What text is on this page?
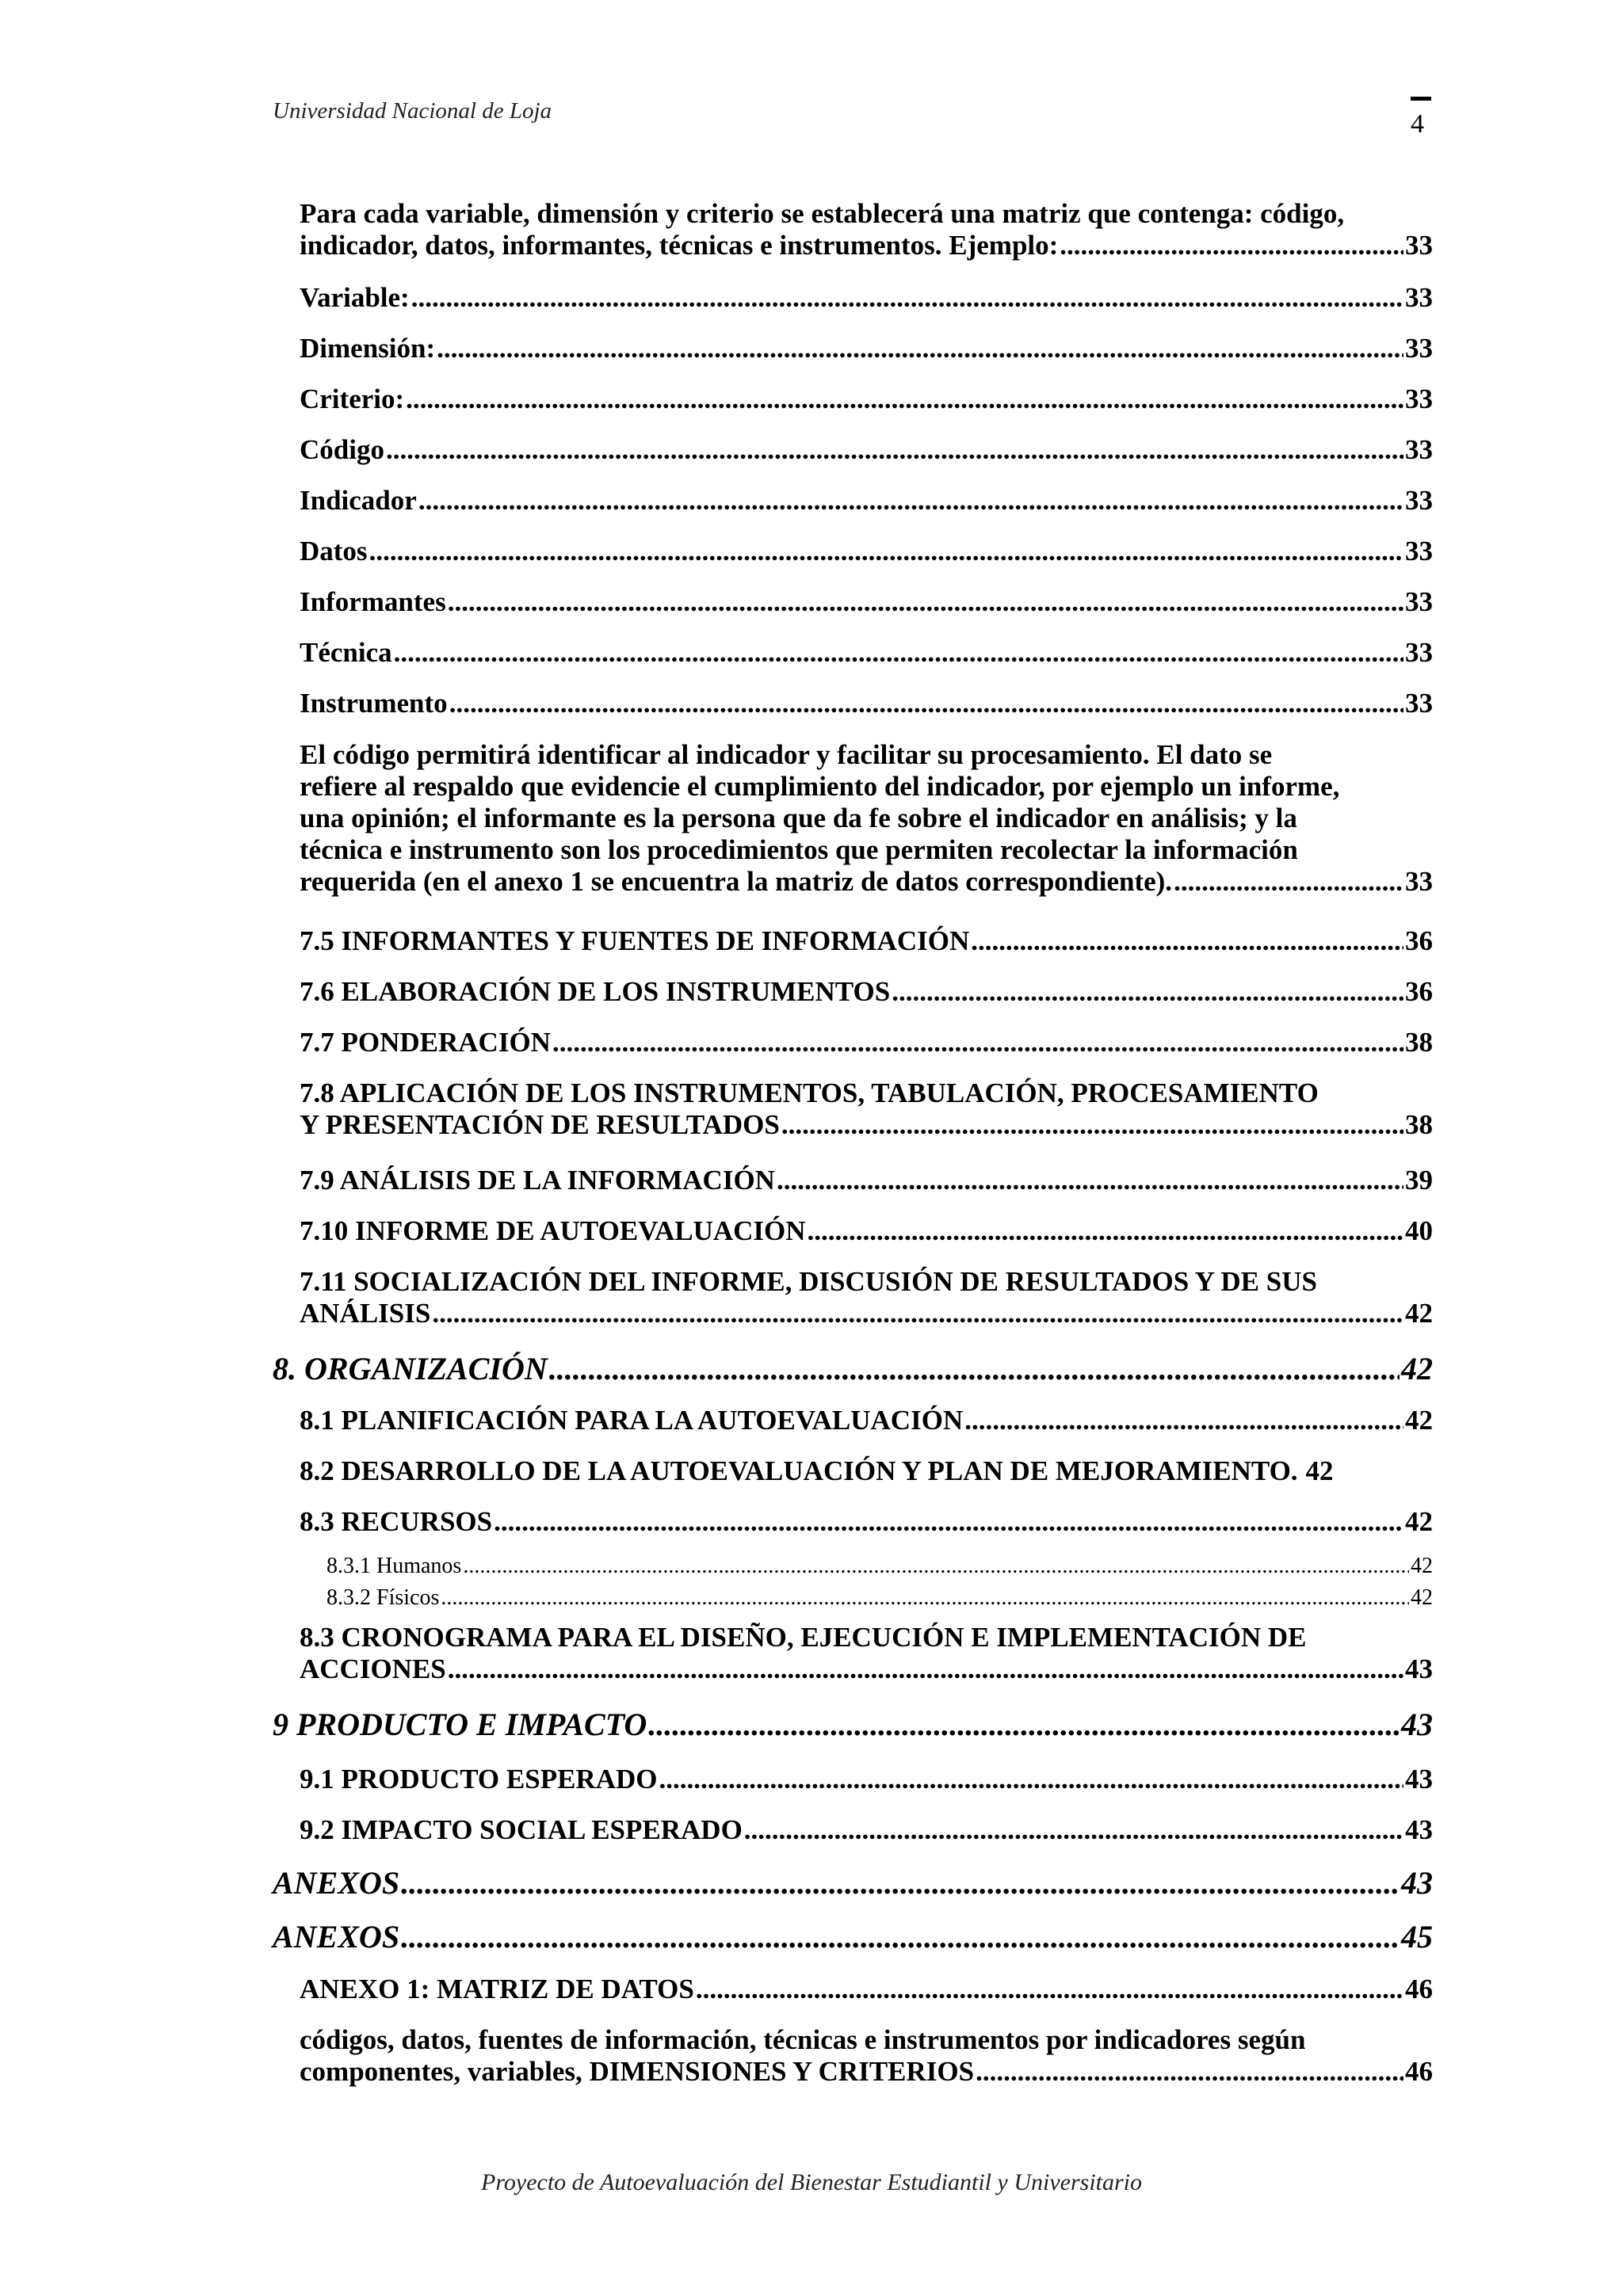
Universidad Nacional de Loja	4
Para cada variable, dimensión y criterio se establecerá una matriz que contenga: código,
indicador, datos, informantes, técnicas e instrumentos. Ejemplo: .....	33
Variable: .....	33
Dimensión: .....	33
Criterio: .....	33
Código .....	33
Indicador .....	33
Datos .....	33
Informantes .....	33
Técnica .....	33
Instrumento .....	33
El código permitirá identificar al indicador y facilitar su procesamiento. El dato se
refiere al respaldo que evidencie el cumplimiento del indicador, por ejemplo un informe,
una opinión; el informante es la persona que da fe sobre el indicador en análisis; y la
técnica e instrumento son los procedimientos que permiten recolectar la información
requerida (en el anexo 1 se encuentra la matriz de datos correspondiente). .....	33
7.5 INFORMANTES Y FUENTES DE INFORMACIÓN .....	36
7.6 ELABORACIÓN DE LOS INSTRUMENTOS .....	36
7.7 PONDERACIÓN .....	38
7.8 APLICACIÓN DE LOS INSTRUMENTOS, TABULACIÓN, PROCESAMIENTO
Y PRESENTACIÓN DE RESULTADOS .....	38
7.9 ANÁLISIS DE LA INFORMACIÓN .....	39
7.10 INFORME DE AUTOEVALUACIÓN .....	40
7.11 SOCIALIZACIÓN DEL INFORME, DISCUSIÓN DE RESULTADOS Y DE SUS
ANÁLISIS .....	42
8. ORGANIZACIÓN .....	42
8.1 PLANIFICACIÓN PARA LA AUTOEVALUACIÓN .....	42
8.2 DESARROLLO DE LA AUTOEVALUACIÓN Y PLAN DE MEJORAMIENTO. 42
8.3 RECURSOS .....	42
8.3.1 Humanos .....	42
8.3.2 Físicos .....	42
8.3 CRONOGRAMA PARA EL DISEÑO, EJECUCIÓN E IMPLEMENTACIÓN DE
ACCIONES .....	43
9 PRODUCTO E IMPACTO .....	43
9.1 PRODUCTO ESPERADO .....	43
9.2 IMPACTO SOCIAL ESPERADO .....	43
ANEXOS .....	43
ANEXOS .....	45
ANEXO 1: MATRIZ DE DATOS .....	46
códigos, datos, fuentes de información, técnicas e instrumentos por indicadores según
componentes, variables, DIMENSIONES Y CRITERIOS .....	46
Proyecto de Autoevaluación del Bienestar Estudiantil y Universitario
